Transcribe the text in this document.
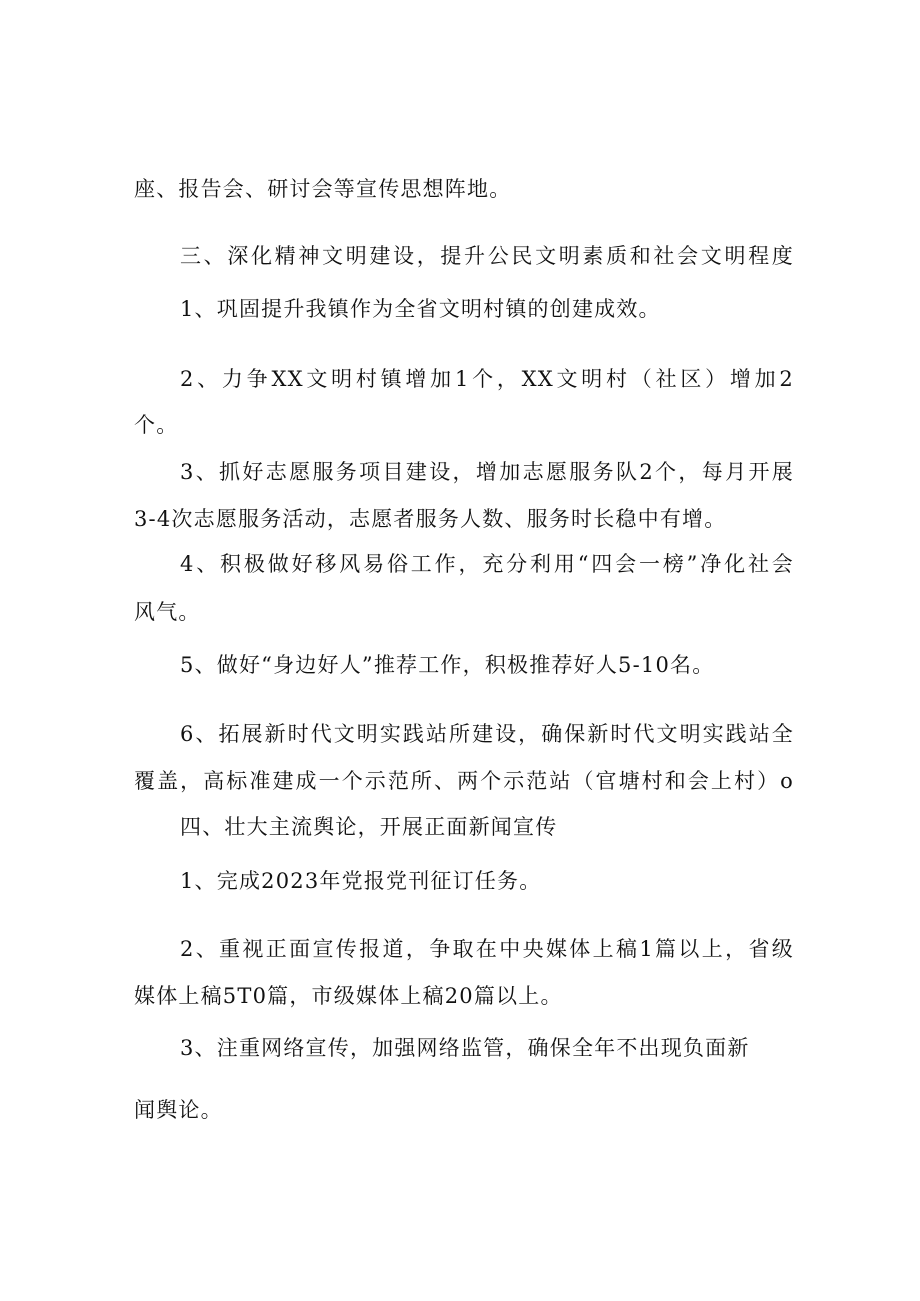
座、报告会、研讨会等宣传思想阵地。
三、深化精神文明建设，提升公民文明素质和社会文明程度
1、巩固提升我镇作为全省文明村镇的创建成效。
2、力争XX文明村镇增加1个，XX文明村（社区）增加2
个。
3、抓好志愿服务项目建设，增加志愿服务队2个，每月开展
3-4次志愿服务活动，志愿者服务人数、服务时长稳中有增。
4、积极做好移风易俗工作，充分利用“四会一榜”净化社会
风气。
5、做好“身边好人”推荐工作，积极推荐好人5-10名。
6、拓展新时代文明实践站所建设，确保新时代文明实践站全
覆盖，高标准建成一个示范所、两个示范站（官塘村和会上村）o
四、壮大主流舆论，开展正面新闻宣传
1、完成2023年党报党刊征订任务。
2、重视正面宣传报道，争取在中央媒体上稿1篇以上，省级
媒体上稿5T0篇，市级媒体上稿20篇以上。
3、注重网络宣传，加强网络监管，确保全年不出现负面新
闻舆论。
